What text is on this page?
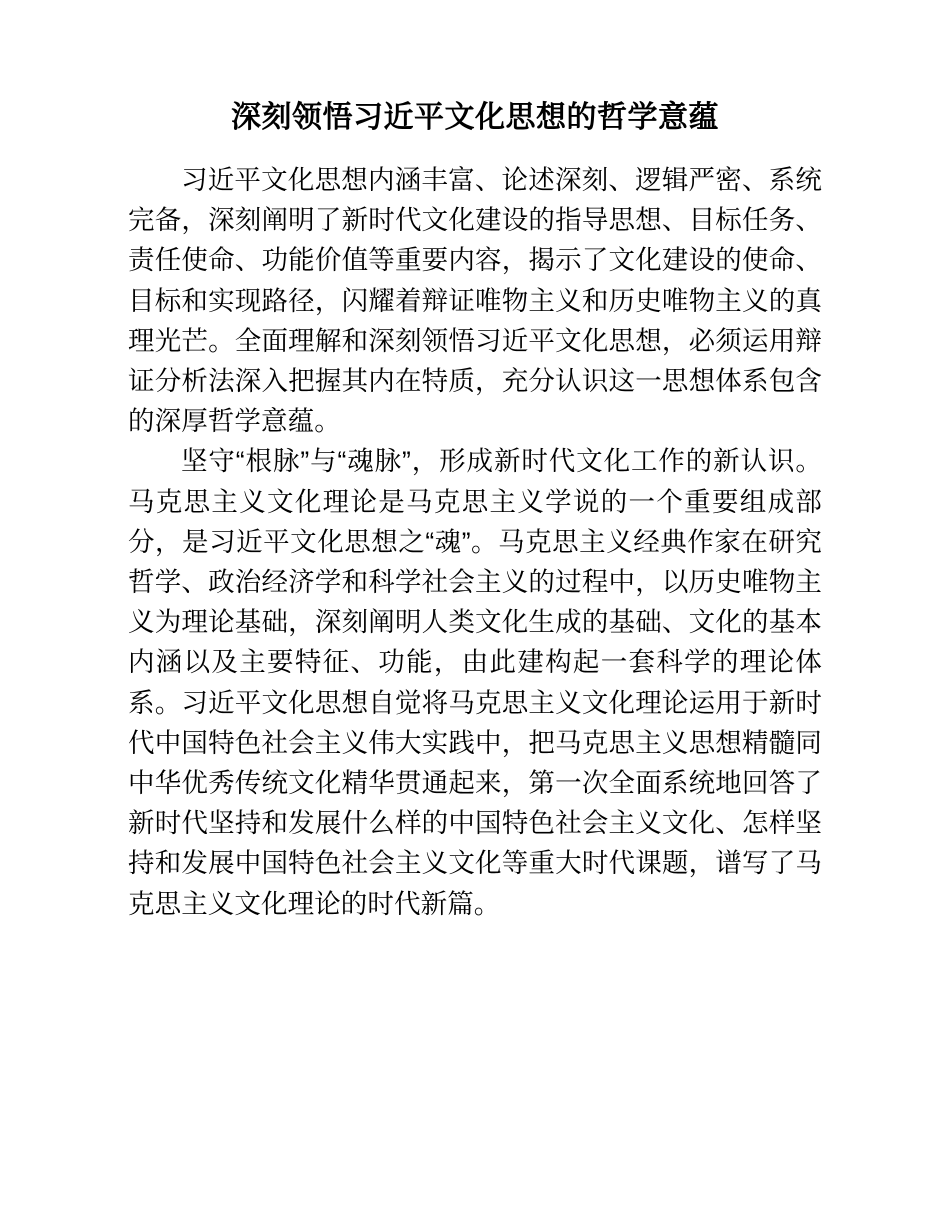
深刻领悟习近平文化思想的哲学意蕴

习近平文化思想内涵丰富、论述深刻、逻辑严密、系统完备，深刻阐明了新时代文化建设的指导思想、目标任务、责任使命、功能价值等重要内容，揭示了文化建设的使命、目标和实现路径，闪耀着辩证唯物主义和历史唯物主义的真理光芒。全面理解和深刻领悟习近平文化思想，必须运用辩证分析法深入把握其内在特质，充分认识这一思想体系包含的深厚哲学意蕴。

坚守“根脉”与“魂脉”，形成新时代文化工作的新认识。马克思主义文化理论是马克思主义学说的一个重要组成部分，是习近平文化思想之“魂”。马克思主义经典作家在研究哲学、政治经济学和科学社会主义的过程中，以历史唯物主义为理论基础，深刻阐明人类文化生成的基础、文化的基本内涵以及主要特征、功能，由此建构起一套科学的理论体系。习近平文化思想自觉将马克思主义文化理论运用于新时代中国特色社会主义伟大实践中，把马克思主义思想精髓同中华优秀传统文化精华贯通起来，第一次全面系统地回答了新时代坚持和发展什么样的中国特色社会主义文化、怎样坚持和发展中国特色社会主义文化等重大时代课题，谱写了马克思主义文化理论的时代新篇。
